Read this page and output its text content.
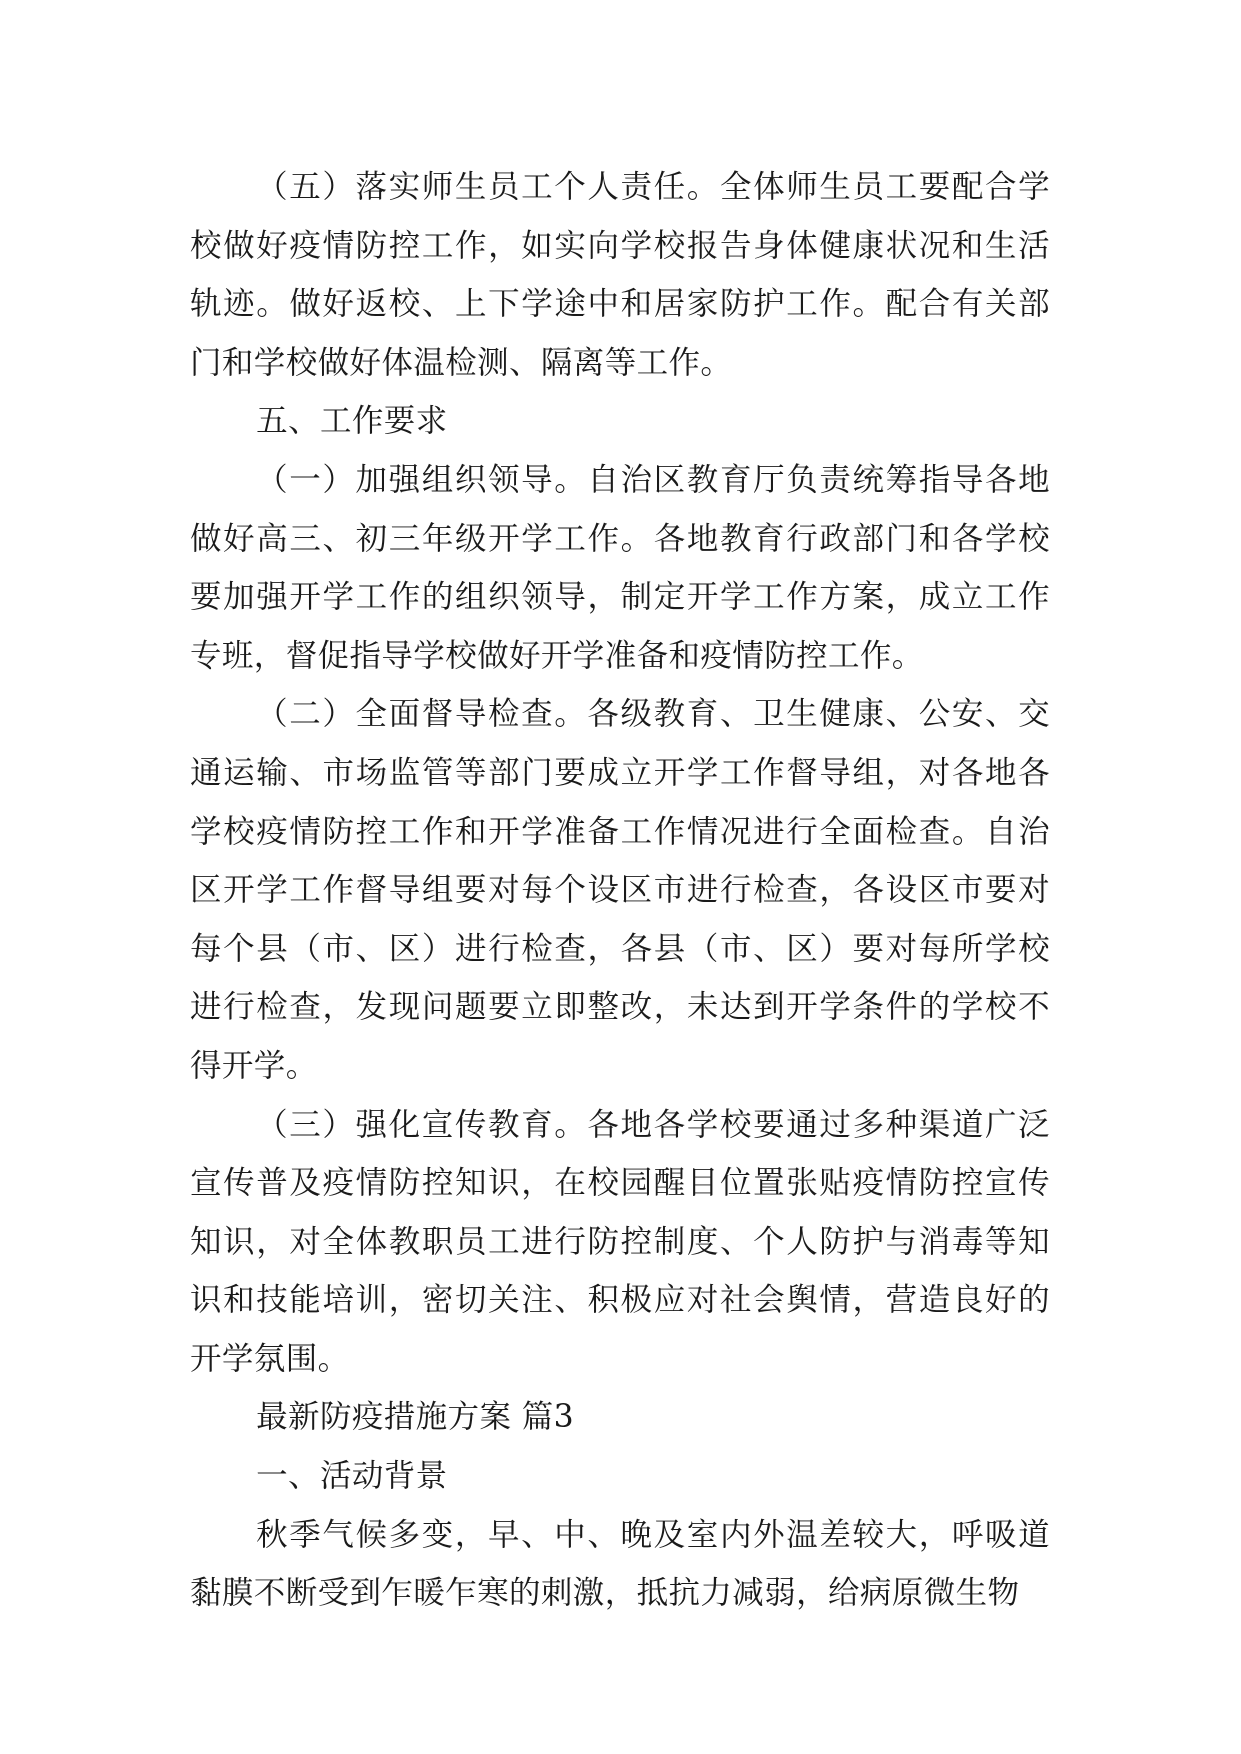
（五）落实师生员工个人责任。全体师生员工要配合学校做好疫情防控工作，如实向学校报告身体健康状况和生活轨迹。做好返校、上下学途中和居家防护工作。配合有关部门和学校做好体温检测、隔离等工作。

五、工作要求

（一）加强组织领导。自治区教育厅负责统筹指导各地做好高三、初三年级开学工作。各地教育行政部门和各学校要加强开学工作的组织领导，制定开学工作方案，成立工作专班，督促指导学校做好开学准备和疫情防控工作。

（二）全面督导检查。各级教育、卫生健康、公安、交通运输、市场监管等部门要成立开学工作督导组，对各地各学校疫情防控工作和开学准备工作情况进行全面检查。自治区开学工作督导组要对每个设区市进行检查，各设区市要对每个县（市、区）进行检查，各县（市、区）要对每所学校进行检查，发现问题要立即整改，未达到开学条件的学校不得开学。

（三）强化宣传教育。各地各学校要通过多种渠道广泛宣传普及疫情防控知识，在校园醒目位置张贴疫情防控宣传知识，对全体教职员工进行防控制度、个人防护与消毒等知识和技能培训，密切关注、积极应对社会舆情，营造良好的开学氛围。

最新防疫措施方案 篇3

一、活动背景

秋季气候多变，早、中、晚及室内外温差较大，呼吸道黏膜不断受到乍暖乍寒的刺激，抵抗力减弱，给病原微生物
